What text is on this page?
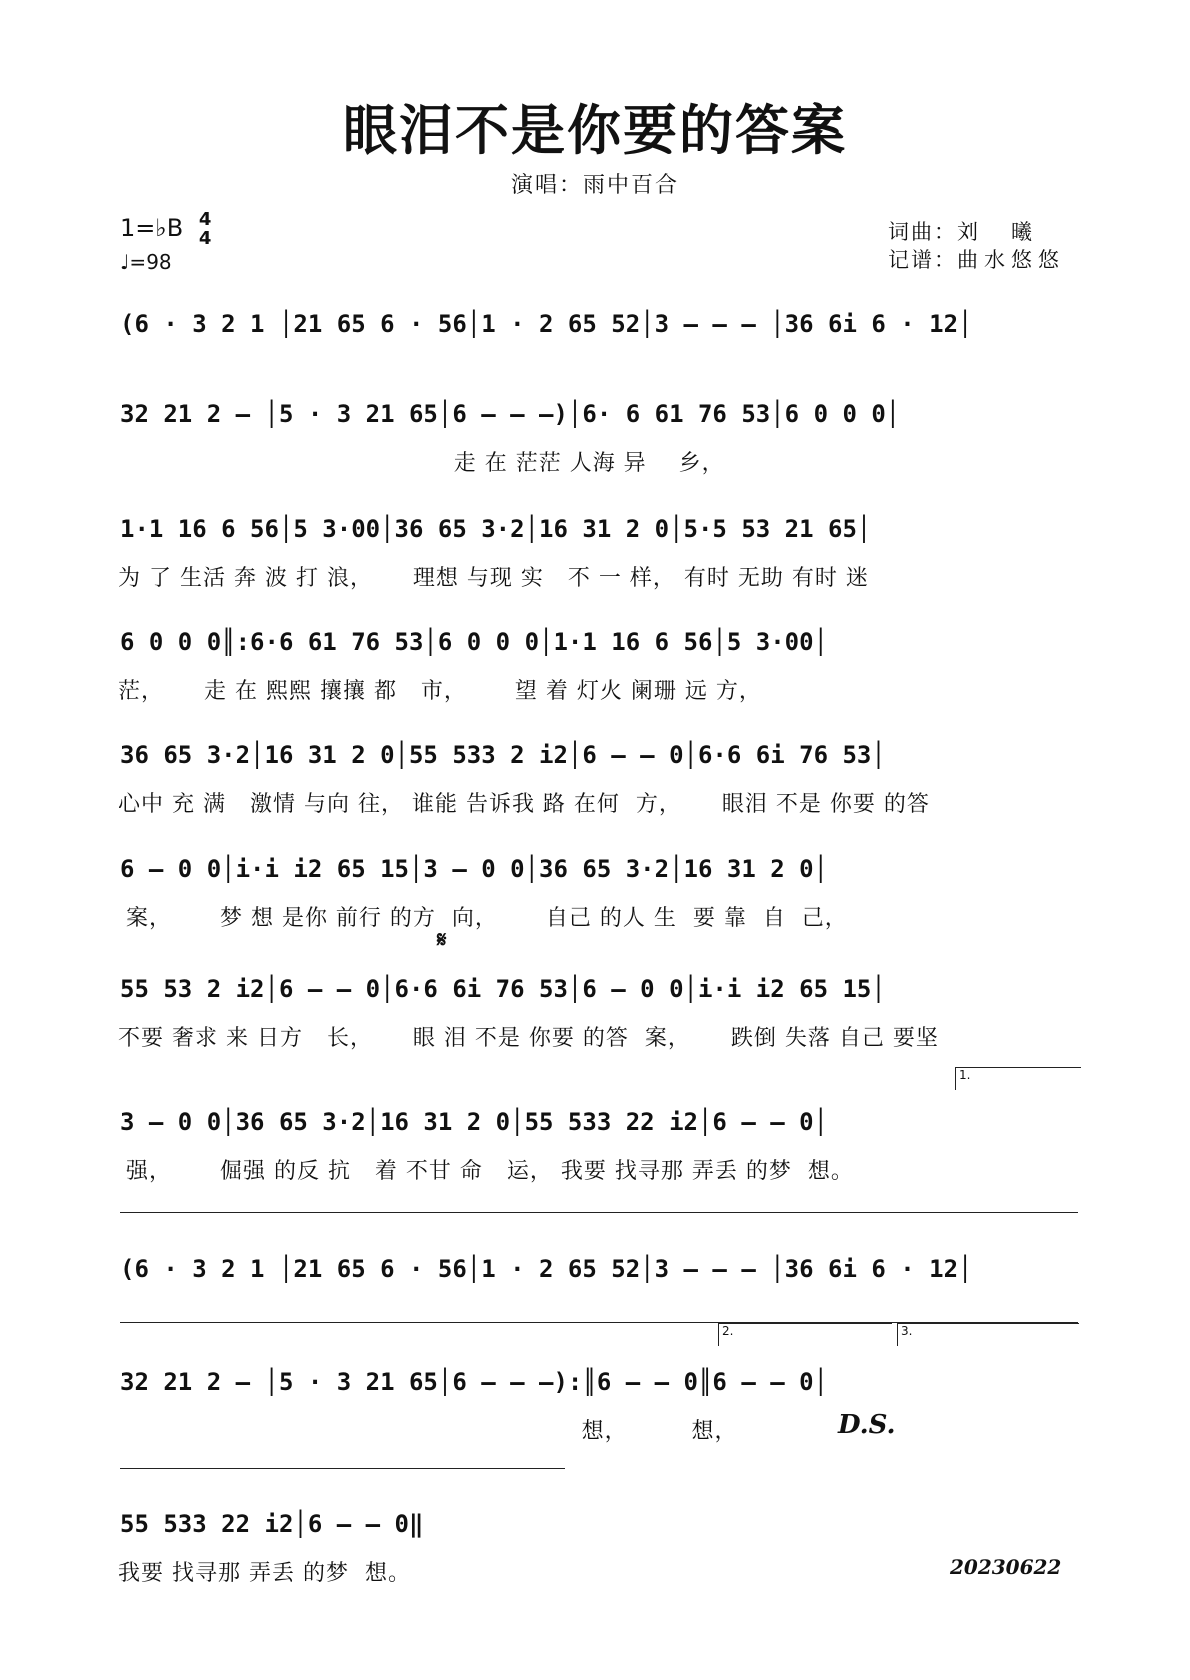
眼泪不是你要的答案
演唱：雨中百合
1=♭B 4
4
♩=98
词曲：刘　曦
记谱：曲水悠悠
(6 · 3 2 1 │21 65 6 · 56│1 · 2 65 52│3 – – – │36 6i 6 · 12│
32 21 2 – │5 · 3 21 65│6 – – –)│6· 6 61 76 53│6 0 0 0│
走 在 茫茫 人海 异    乡，
1·1 16 6 56│5 3·00│36 65 3·2│16 31 2 0│5·5 53 21 65│
为 了 生活 奔 波 打 浪，     理想 与现 实   不 一 样， 有时 无助 有时 迷
6 0 0 0║:6·6 61 76 53│6 0 0 0│1·1 16 6 56│5 3·00│
茫，     走 在 熙熙 攘攘 都   市，      望 着 灯火 阑珊 远 方，
36 65 3·2│16 31 2 0│55 533 2 i2│6 – – 0│6·6 6i 76 53│
心中 充 满   激情 与向 往， 谁能 告诉我 路 在何  方，     眼泪 不是 你要 的答
6 – 0 0│i·i i2 65 15│3 – 0 0│36 65 3·2│16 31 2 0│
案，      梦 想 是你 前行 的方  向，      自己 的人 生  要 靠  自  己，
𝄋
55 53 2 i2│6 – – 0│6·6 6i 76 53│6 – 0 0│i·i i2 65 15│
不要 奢求 来 日方   长，     眼 泪 不是 你要 的答  案，     跌倒 失落 自己 要坚
1.
3 – 0 0│36 65 3·2│16 31 2 0│55 533 22 i2│6 – – 0│
强，      倔强 的反 抗   着 不甘 命   运， 我要 找寻那 弄丢 的梦  想。
(6 · 3 2 1 │21 65 6 · 56│1 · 2 65 52│3 – – – │36 6i 6 · 12│
2.	3.
32 21 2 – │5 · 3 21 65│6 – – –):║6 – – 0║6 – – 0│
想，        想，	D.S.
55 533 22 i2│6 – – 0‖
我要 找寻那 弄丢 的梦  想。	20230622
